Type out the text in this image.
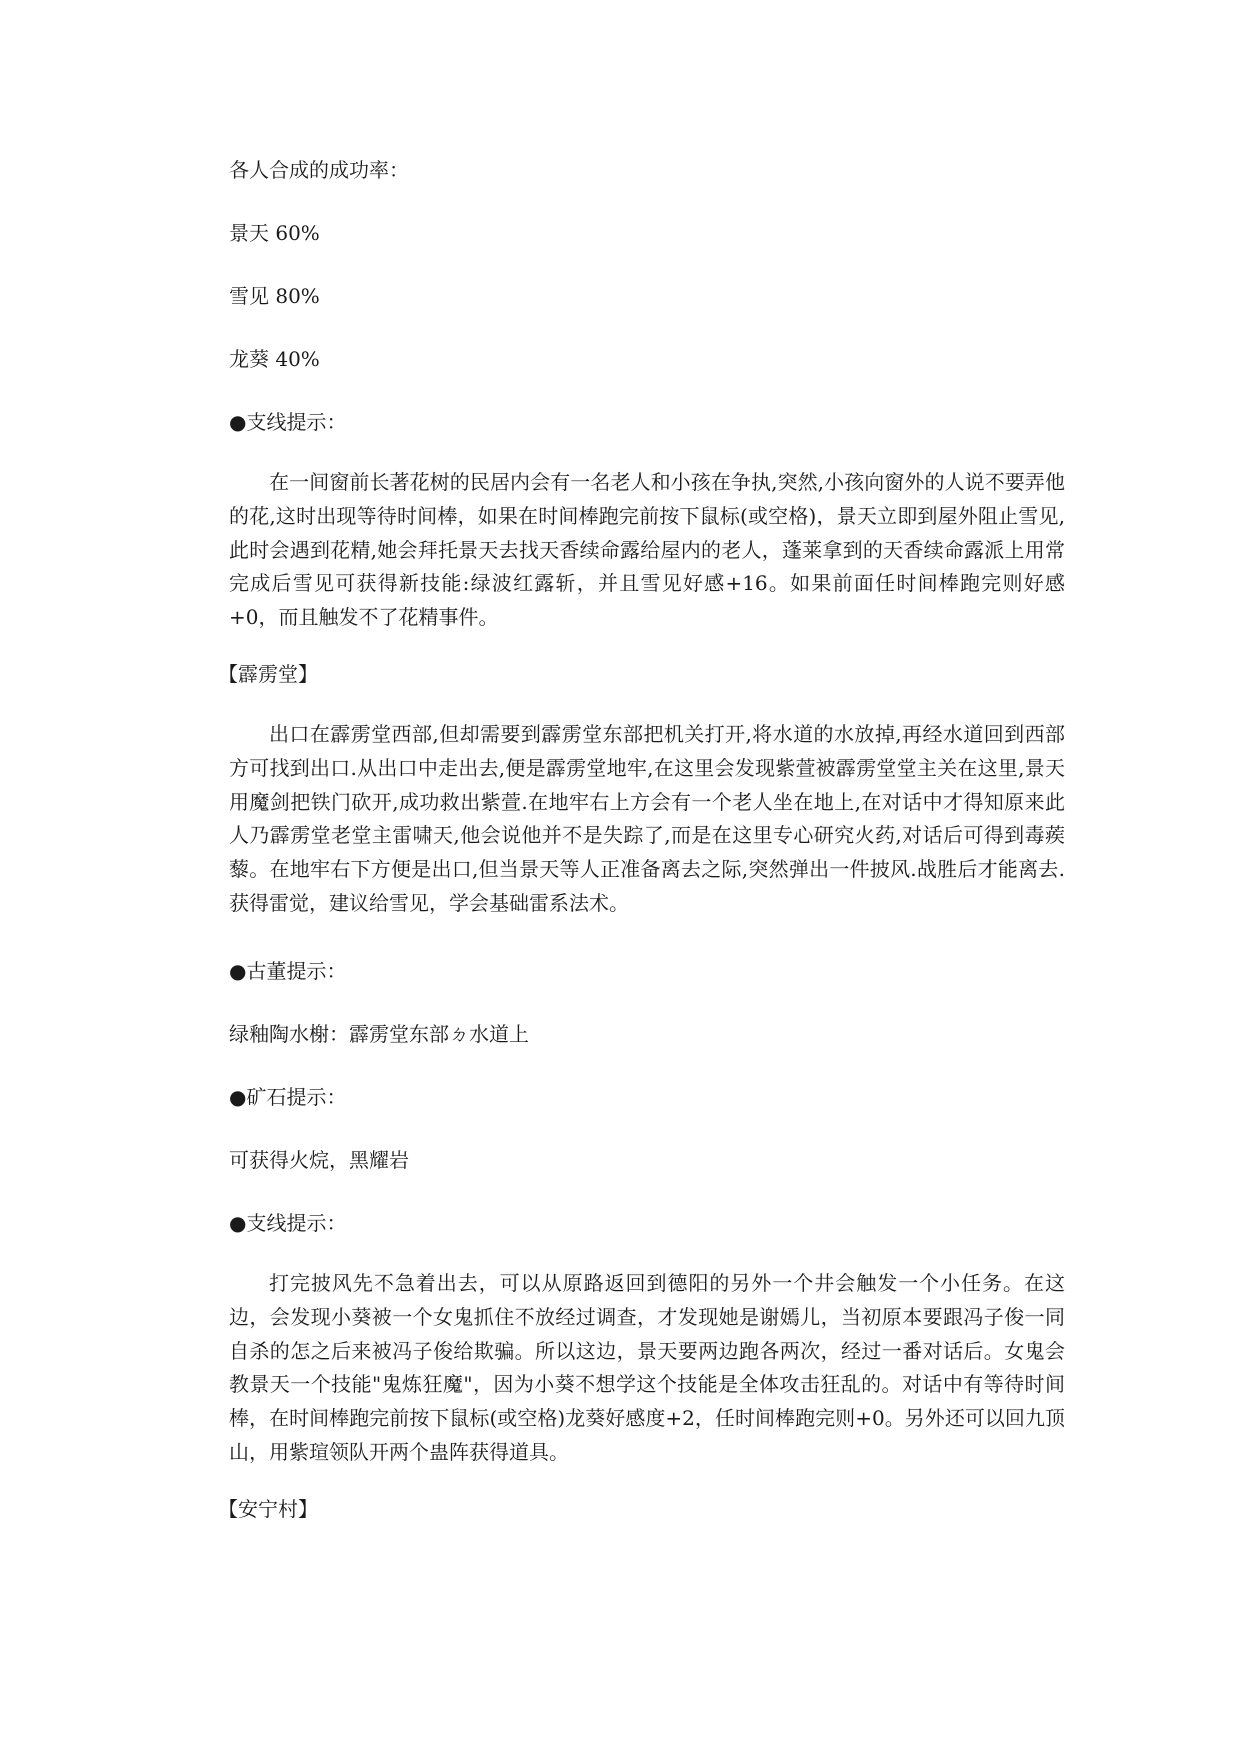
各人合成的成功率：
景天 60%
雪见 80%
龙葵 40%
●支线提示：
在一间窗前长著花树的民居内会有一名老人和小孩在争执,突然,小孩向窗外的人说不要弄他的花,这时出现等待时间棒，如果在时间棒跑完前按下鼠标(或空格)，景天立即到屋外阻止雪见,此时会遇到花精,她会拜托景天去找天香续命露给屋内的老人，蓬莱拿到的天香续命露派上用常完成后雪见可获得新技能:绿波红露斩，并且雪见好感+16。如果前面任时间棒跑完则好感+0，而且触发不了花精事件。
【霹雳堂】
出口在霹雳堂西部,但却需要到霹雳堂东部把机关打开,将水道的水放掉,再经水道回到西部方可找到出口.从出口中走出去,便是霹雳堂地牢,在这里会发现紫萱被霹雳堂堂主关在这里,景天用魔剑把铁门砍开,成功救出紫萱.在地牢右上方会有一个老人坐在地上,在对话中才得知原来此人乃霹雳堂老堂主雷啸天,他会说他并不是失踪了,而是在这里专心研究火药,对话后可得到毒蒺藜。在地牢右下方便是出口,但当景天等人正准备离去之际,突然弹出一件披风.战胜后才能离去.获得雷觉，建议给雪见，学会基础雷系法术。
●古董提示：
绿釉陶水榭：霹雳堂东部ㄉ水道上
●矿石提示：
可获得火烷，黑耀岩
●支线提示：
打完披风先不急着出去，可以从原路返回到德阳的另外一个井会触发一个小任务。在这边，会发现小葵被一个女鬼抓住不放经过调查，才发现她是谢嫣儿，当初原本要跟冯子俊一同自杀的怎之后来被冯子俊给欺骗。所以这边，景天要两边跑各两次，经过一番对话后。女鬼会教景天一个技能"鬼炼狂魔"，因为小葵不想学这个技能是全体攻击狂乱的。对话中有等待时间棒，在时间棒跑完前按下鼠标(或空格)龙葵好感度+2，任时间棒跑完则+0。另外还可以回九顶山，用紫瑄领队开两个蛊阵获得道具。
【安宁村】
